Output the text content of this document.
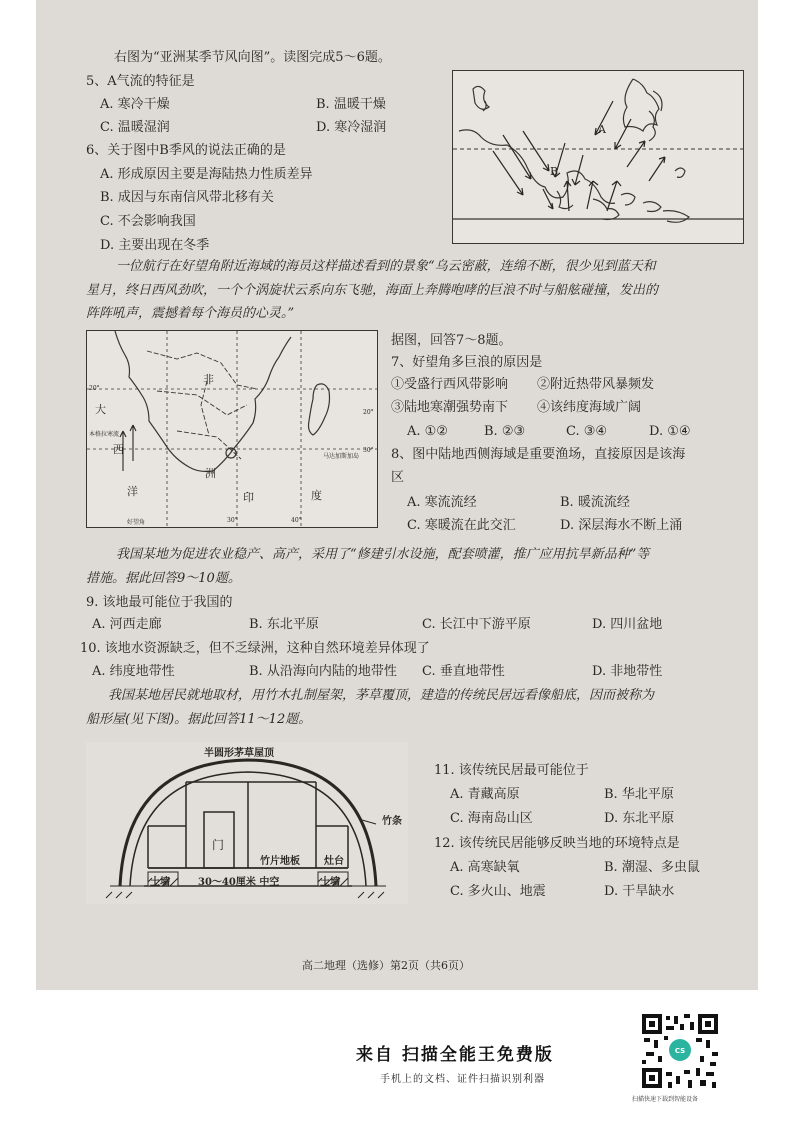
右图为“亚洲某季节风向图”。读图完成5～6题。
5、A气流的特征是
A. 寒冷干燥	B. 温暖干燥
C. 温暖湿润	D. 寒冷湿润
6、关于图中B季风的说法正确的是
A. 形成原因主要是海陆热力性质差异
B. 成因与东南信风带北移有关
C. 不会影响我国
D. 主要出现在冬季
A
B
一位航行在好望角附近海域的海员这样描述看到的景象“乌云密蔽，连绵不断，很少见到蓝天和
星月，终日西风劲吹，一个个涡旋状云系向东飞驰，海面上奔腾咆哮的巨浪不时与船舷碰撞，发出的
阵阵吼声，震撼着每个海员的心灵。”
非
大
西
洲
洋	印	度
本格拉寒流
马达加斯加岛
好望角
20°
20°
30°
40°
30°
据图，回答7～8题。
7、好望角多巨浪的原因是
①受盛行西风带影响 ②附近热带风暴频发
③陆地寒潮强势南下 ④该纬度海域广阔
A. ①②	B. ②③	C. ③④	D. ①④
8、图中陆地西侧海域是重要渔场，直接原因是该海
区
A. 寒流流经	B. 暖流流经
C. 寒暖流在此交汇	D. 深层海水不断上涌
我国某地为促进农业稳产、高产，采用了“修建引水设施，配套喷灌，推广应用抗旱新品种”等
措施。据此回答9～10题。
9. 该地最可能位于我国的
A. 河西走廊	B. 东北平原	C. 长江中下游平原	D. 四川盆地
10. 该地水资源缺乏，但不乏绿洲，这种自然环境差异体现了
A. 纬度地带性	B. 从沿海向内陆的地带性 C. 垂直地带性	D. 非地带性
我国某地居民就地取材，用竹木扎制屋架，茅草覆顶，建造的传统民居远看像船底，因而被称为
船形屋(见下图)。据此回答11～12题。
半圆形茅草屋顶
竹条
门
竹片地板 灶台
土墙	土墙
30～40厘米 中空
11. 该传统民居最可能位于
A. 青藏高原	B. 华北平原
C. 海南岛山区	D. 东北平原
12. 该传统民居能够反映当地的环境特点是
A. 高寒缺氧	B. 潮湿、多虫鼠
C. 多火山、地震	D. 干旱缺水
高二地理（选修）第2页（共6页）
来自 扫描全能王免费版
手机上的文档、证件扫描识别利器
扫描快速下载到智能设备
CS
